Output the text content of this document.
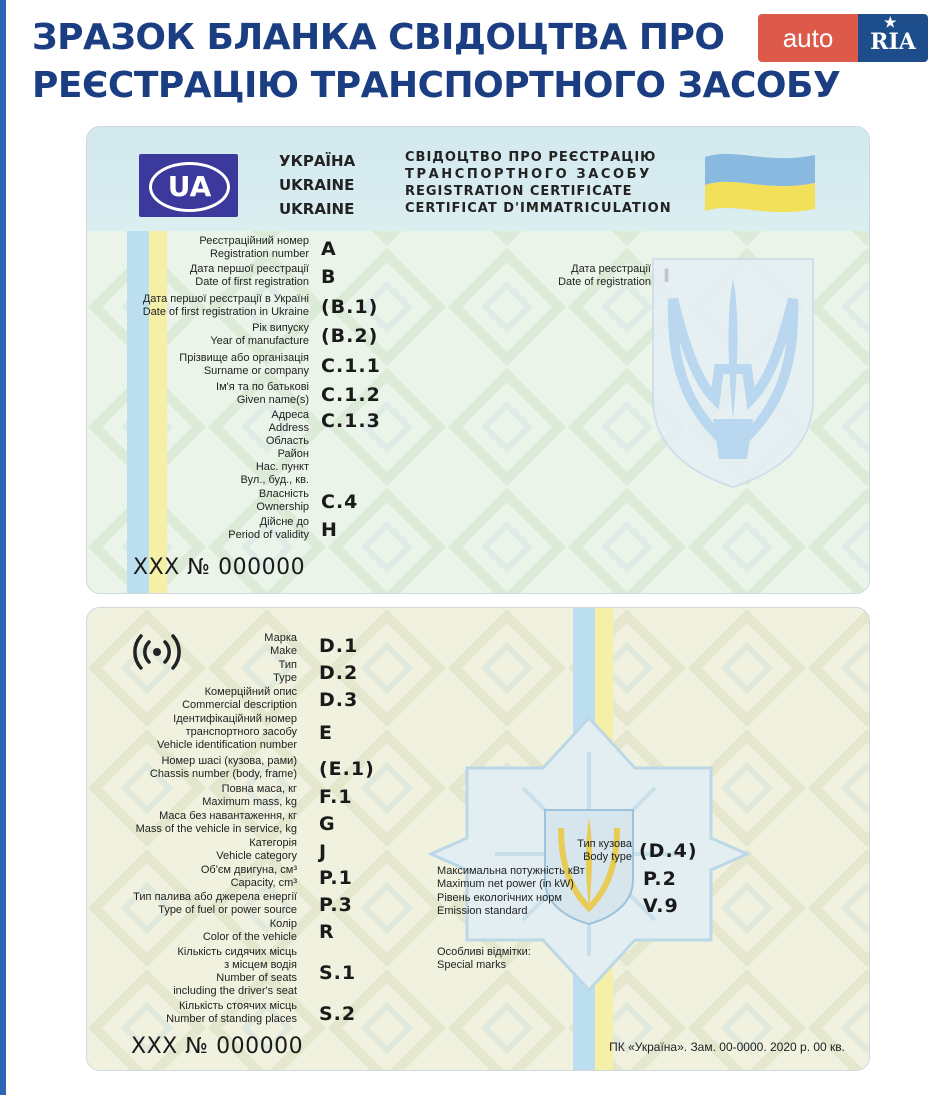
ЗРАЗОК БЛАНКА СВІДОЦТВА ПРО
РЕЄСТРАЦІЮ ТРАНСПОРТНОГО ЗАСОБУ
auto	★
RIA
UA
УКРАЇНА
UKRAINE
UKRAINE
СВІДОЦТВО ПРО РЕЄСТРАЦІЮ
ТРАНСПОРТНОГО ЗАСОБУ
REGISTRATION CERTIFICATE
CERTIFICAT D'IMMATRICULATION
Реєстраційний номер
Registration number A
Дата першої реєстрації
Date of first registration B
Дата першої реєстрації в Україні
Date of first registration in Ukraine (B.1)
Рік випуску
Year of manufacture (B.2)
Прізвище або організація
Surname or company C.1.1
Ім'я та по батькові
Given name(s) C.1.2
Адреса
Address
Область
Район
Нас. пункт
Вул., буд., кв.
C.1.3
Власність
Ownership C.4
Дійсне до
Period of validity H
Дата реєстрації
Date of registration
XXX № 000000
Марка
Make D.1
Тип
Type D.2
Комерційний опис
Commercial description D.3
Ідентифікаційний номер
транспортного засобу
Vehicle identification number
E
Номер шасі (кузова, рами)
Chassis number (body, frame) (E.1)
Повна маса, кг
Maximum mass, kg F.1
Маса без навантаження, кг
Mass of the vehicle in service, kg G
Категорія
Vehicle category J
Об'єм двигуна, см³
Capacity, cm³ P.1
Тип палива або джерела енергії
Type of fuel or power source P.3
Колір
Color of the vehicle R
Кількість сидячих місць
з місцем водія
Number of seats
including the driver's seat
S.1
Кількість стоячих місць
Number of standing places S.2
Тип кузова
Body type (D.4)
Максимальна потужність кВт
Maximum net power (in kW)	P.2
Рівень екологічних норм
Emission standard	V.9
Особливі відмітки:
Special marks
XXX № 000000	ПК «Україна». Зам. 00-0000. 2020 р. 00 кв.
